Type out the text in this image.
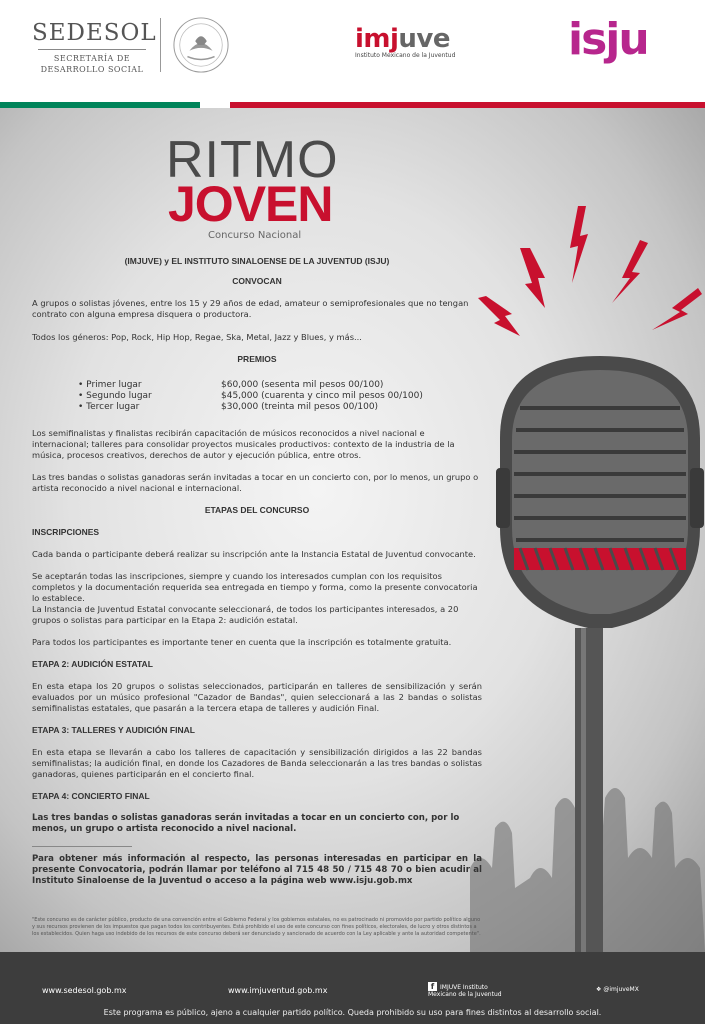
SEDESOL
SECRETARÍA DE
DESARROLLO SOCIAL
imjuve
Instituto Mexicano de la Juventud	isju
RITMO
JOVEN
Concurso Nacional

(IMJUVE) y EL INSTITUTO SINALOENSE DE LA JUVENTUD (ISJU)

CONVOCAN

A grupos o solistas jóvenes, entre los 15 y 29 años de edad, amateur o semiprofesionales que no tengan contrato con alguna empresa disquera o productora.

Todos los géneros: Pop, Rock, Hip Hop, Regae, Ska, Metal, Jazz y Blues, y más...

PREMIOS

• Primer lugar	$60,000 (sesenta mil pesos 00/100)
• Segundo lugar	$45,000 (cuarenta y cinco mil pesos 00/100)
• Tercer lugar	$30,000 (treinta mil pesos 00/100)

Los semifinalistas y finalistas recibirán capacitación de músicos reconocidos a nivel nacional e internacional; talleres para consolidar proyectos musicales productivos: contexto de la industria de la música, procesos creativos, derechos de autor y ejecución pública, entre otros.

Las tres bandas o solistas ganadoras serán invitadas a tocar en un concierto con, por lo menos, un grupo o artista reconocido a nivel nacional e internacional.

ETAPAS DEL CONCURSO

INSCRIPCIONES

Cada banda o participante deberá realizar su inscripción ante la Instancia Estatal de Juventud convocante.

Se aceptarán todas las inscripciones, siempre y cuando los interesados cumplan con los requisitos completos y la documentación requerida sea entregada en tiempo y forma, como la presente convocatoria lo establece.

La Instancia de Juventud Estatal convocante seleccionará, de todos los participantes interesados, a 20 grupos o solistas para participar en la Etapa 2: audición estatal.

Para todos los participantes es importante tener en cuenta que la inscripción es totalmente gratuita.

ETAPA 2: AUDICIÓN ESTATAL

En esta etapa los 20 grupos o solistas seleccionados, participarán en talleres de sensibilización y serán evaluados por un músico profesional "Cazador de Bandas", quien seleccionará a las 2 bandas o solistas semifinalistas estatales, que pasarán a la tercera etapa de talleres y audición Final.

ETAPA 3: TALLERES Y AUDICIÓN FINAL

En esta etapa se llevarán a cabo los talleres de capacitación y sensibilización dirigidos a las 22 bandas semifinalistas; la audición final, en donde los Cazadores de Banda seleccionarán a las tres bandas o solistas ganadoras, quienes participarán en el concierto final.

ETAPA 4: CONCIERTO FINAL

Las tres bandas o solistas ganadoras serán invitadas a tocar en un concierto con, por lo menos, un grupo o artista reconocido a nivel nacional.

Para obtener más información al respecto, las personas interesadas en participar en la presente Convocatoria, podrán llamar por teléfono al 715 48 50 / 715 48 70 o bien acudir al Instituto Sinaloense de la Juventud o acceso a la página web www.isju.gob.mx

"Este concurso es de carácter público, producto de una convención entre el Gobierno Federal y los gobiernos estatales, no es patrocinado ni promovido por partido político alguno y sus recursos provienen de los impuestos que pagan todos los contribuyentes. Está prohibido el uso de este concurso con fines políticos, electorales, de lucro y otros distintos a los establecidos. Quien haga uso indebido de los recursos de este concurso deberá ser denunciado y sancionado de acuerdo con la Ley aplicable y ante la autoridad competente".

www.sedesol.gob.mx	www.imjuventud.gob.mx	f IMJUVE Instituto Mexicano de la Juventud
❖ @imjuveMX
Este programa es público, ajeno a cualquier partido político. Queda prohibido su uso para fines distintos al desarrollo social.
